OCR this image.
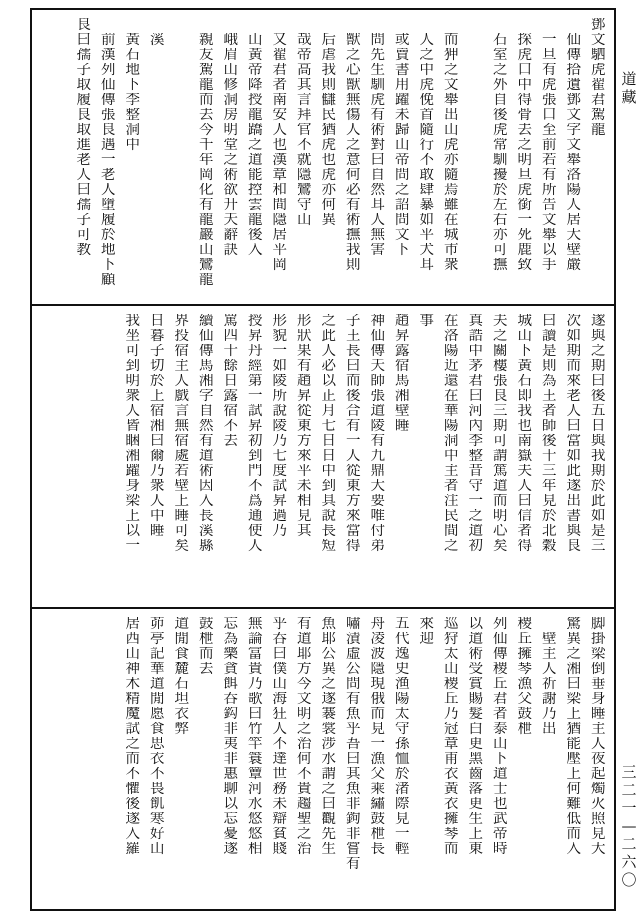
鄧
文
駟
虎
翟
君
駕
龍
仙
傳
拾
遺
鄧
文
字
文
舉
洛
陽
人
居
大
壁
嚴
一
旦
有
虎
張
口
至
前
若
有
所
告
文
舉
以
手
探
虎
口
中
得
骨
去
之
明
旦
虎
銜
一
死
鹿
致
石
室
之
外
自
後
虎
常
馴
擾
於
左
右
亦
可
撫
而
狎
之
文
舉
出
山
虎
亦
隨
焉
雖
在
城
市
衆
人
之
中
虎
俛
首
隨
行
不
敢
肆
暴
如
平
犬
耳
或
賣
書
用
躍
未
歸
山
帝
問
之
詔
問
文
下
問
先
生
馴
虎
有
術
對
曰
自
然
耳
人
無
害
獸
之
心
獸
無
傷
人
之
意
何
必
有
術
撫
我
則
后
虐
我
則
讎
民
猶
虎
也
虎
亦
何
異
哉
帝
高
其
言
拜
官
不
就
隱
鸞
守
山
又
翟
君
者
南
安
人
也
漢
章
和
間
隱
居
平
岡
山
黃
帝
降
授
龍
蹻
之
道
能
控
雲
龍
後
入
峨
眉
山
修
洞
房
明
堂
之
術
欲
升
天
辭
訣
親
友
駕
龍
而
去
今
千
年
岡
化
有
龍
巖
山
鸞
龍
溪
黃
石
地
下
李
整
洞
中
前
漢
列
仙
傳
張
良
遇
一
老
人
墮
履
於
地
下
顧
良
曰
孺
子
取
履
良
取
進
老
人
曰
孺
子
可
教
遂
與
之
期
曰
後
五
日
與
我
期
於
此
如
是
三
次
如
期
而
來
老
人
曰
當
如
此
遂
出
書
與
良
曰
讀
是
則
為
王
者
師
後
十
三
年
見
於
北
穀
城
山
下
黃
石
即
我
也
南
嶽
夫
人
曰
信
者
得
夫
之
關
樓
張
良
三
期
可
謂
篤
道
而
明
心
矣
真
誥
中
茅
君
曰
河
內
李
整
昔
守
一
之
道
初
在
洛
陽
近
還
在
華
陽
洞
中
主
者
注
民
間
之
事
趙
昇
露
宿
馬
湘
壁
睡
神
仙
傳
天
師
張
道
陵
有
九
鼎
大
要
唯
付
弟
子
王
長
曰
而
後
合
有
一
人
從
東
方
來
當
得
之
此
人
必
以
正
月
七
日
日
中
到
具
說
長
短
形
狀
果
有
趙
昇
從
東
方
來
平
未
相
見
其
形
貌
一
如
陵
所
說
陵
乃
七
度
試
昇
過
乃
授
昇
丹
經
第
一
試
昇
初
到
門
不
爲
通
使
人
罵
四
十
餘
日
露
宿
不
去
續
仙
傳
馬
湘
字
自
然
有
道
術
因
入
長
溪
縣
界
投
宿
主
人
戲
言
無
宿
處
若
壁
上
睡
可
矣
日
暮
子
切
於
上
宿
湘
曰
爾
乃
衆
人
中
睡
我
坐
可
到
明
衆
人
皆
睏
湘
躍
身
梁
上
以
一
脚
掛
梁
倒
垂
身
睡
主
人
夜
起
燭
火
照
見
大
驚
異
之
湘
曰
梁
上
猶
能
壓
上
何
難
低
而
入
壁
主
人
祈
謝
乃
出
稷
丘
擁
琴
漁
父
鼓
枻
列
仙
傳
稷
丘
君
者
泰
山
下
道
士
也
武
帝
時
以
道
術
受
賞
賜
髮
白
更
黑
齒
落
更
生
上
東
巡
狩
太
山
稷
丘
乃
冠
章
甫
衣
黃
衣
擁
琴
而
來
迎
五
代
逸
史
渔
陽
太
守
孫
恤
於
渚
際
見
一
輕
舟
凌
波
隱
現
俄
而
見
一
漁
父
乘
繡
鼓
枻
長
嘯
漬
虛
公
問
有
魚
乎
吾
曰
其
魚
非
鉤
非
嘗
有
魚
耶
公
異
之
遂
褰
裳
涉
水
謂
之
曰
觀
先
生
有
道
耶
方
今
文
明
之
治
何
不
貴
趨
聖
之
治
乎
吞
曰
僕
山
海
狂
人
不
達
世
務
未
辯
貧
賤
無
論
富
貴
乃
歌
曰
竹
竿
簑
簟
河
水
悠
悠
相
忘
為
樂
貪
餌
吞
鈎
非
夷
非
惠
聊
以
忘
憂
遂
鼓
枻
而
去
道
閒
食
麓
石
坦
衣
弊
茆
亭
記
華
道
閒
愿
食
思
衣
不
畏
飢
寒
好
山
居
西
山
神
木
精
魔
試
之
而
不
懼
後
遂
入
羅
道
藏
三
二
一
—
二
六
〇
